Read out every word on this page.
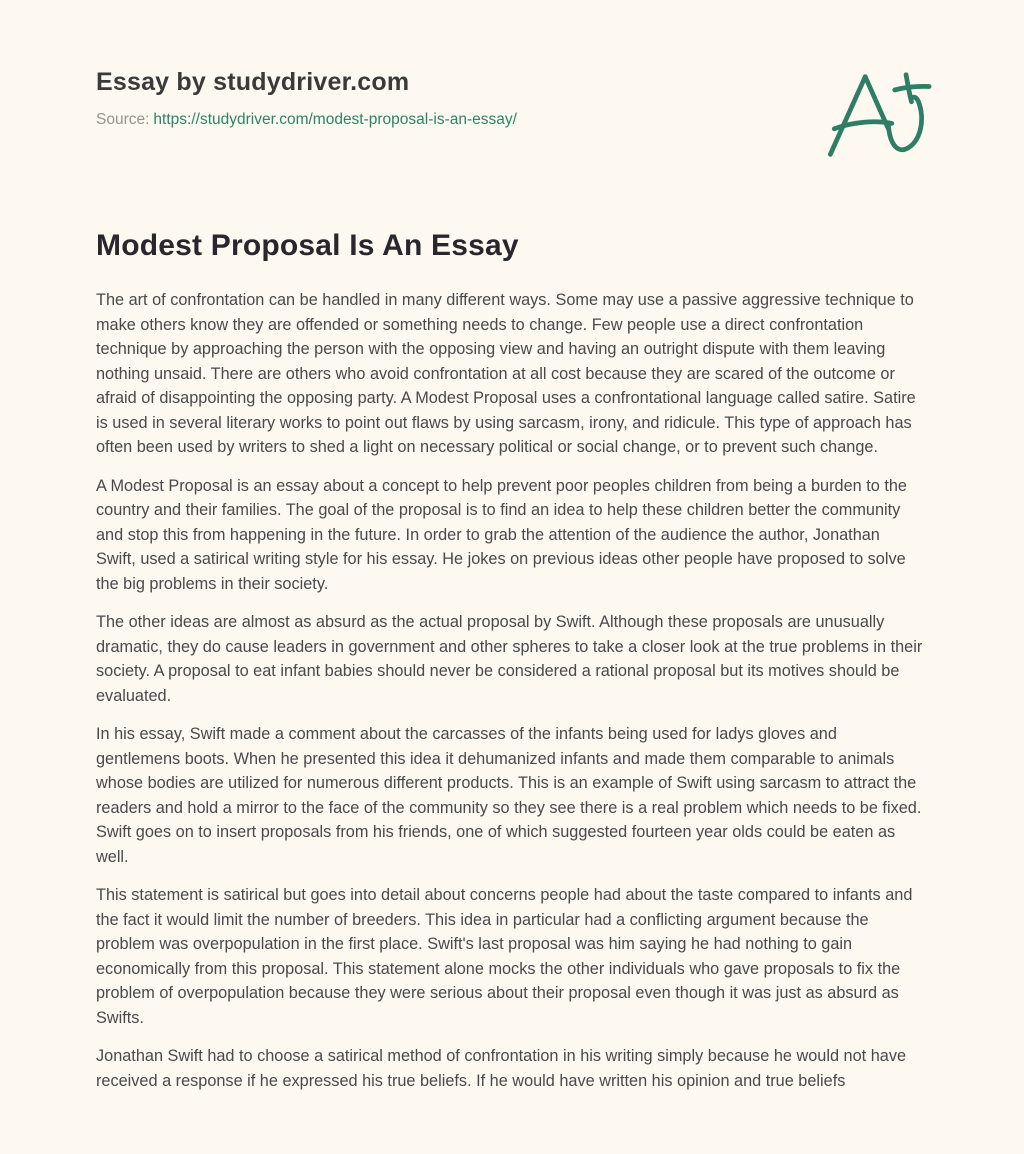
Essay by studydriver.com
Source: https://studydriver.com/modest-proposal-is-an-essay/
Modest Proposal Is An Essay

The art of confrontation can be handled in many different ways. Some may use a passive aggressive technique to make others know they are offended or something needs to change. Few people use a direct confrontation technique by approaching the person with the opposing view and having an outright dispute with them leaving nothing unsaid. There are others who avoid confrontation at all cost because they are scared of the outcome or afraid of disappointing the opposing party. A Modest Proposal uses a confrontational language called satire. Satire is used in several literary works to point out flaws by using sarcasm, irony, and ridicule. This type of approach has often been used by writers to shed a light on necessary political or social change, or to prevent such change.

A Modest Proposal is an essay about a concept to help prevent poor peoples children from being a burden to the country and their families. The goal of the proposal is to find an idea to help these children better the community and stop this from happening in the future. In order to grab the attention of the audience the author, Jonathan Swift, used a satirical writing style for his essay. He jokes on previous ideas other people have proposed to solve the big problems in their society.

The other ideas are almost as absurd as the actual proposal by Swift. Although these proposals are unusually dramatic, they do cause leaders in government and other spheres to take a closer look at the true problems in their society. A proposal to eat infant babies should never be considered a rational proposal but its motives should be evaluated.

In his essay, Swift made a comment about the carcasses of the infants being used for ladys gloves and gentlemens boots. When he presented this idea it dehumanized infants and made them comparable to animals whose bodies are utilized for numerous different products. This is an example of Swift using sarcasm to attract the readers and hold a mirror to the face of the community so they see there is a real problem which needs to be fixed. Swift goes on to insert proposals from his friends, one of which suggested fourteen year olds could be eaten as well.

This statement is satirical but goes into detail about concerns people had about the taste compared to infants and the fact it would limit the number of breeders. This idea in particular had a conflicting argument because the problem was overpopulation in the first place. Swift's last proposal was him saying he had nothing to gain economically from this proposal. This statement alone mocks the other individuals who gave proposals to fix the problem of overpopulation because they were serious about their proposal even though it was just as absurd as Swifts.

Jonathan Swift had to choose a satirical method of confrontation in his writing simply because he would not have received a response if he expressed his true beliefs. If he would have written his opinion and true beliefs
